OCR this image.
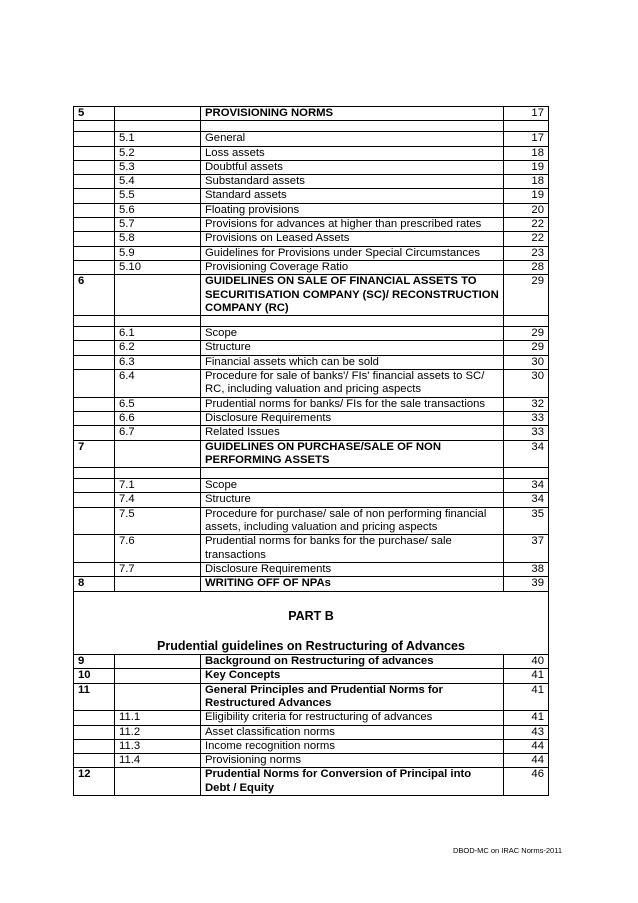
5		PROVISIONING NORMS	17

	5.1	General	17
	5.2	Loss assets	18
	5.3	Doubtful assets	19
	5.4	Substandard assets	18
	5.5	Standard assets	19
	5.6	Floating provisions	20
	5.7	Provisions for advances at higher than prescribed rates	22
	5.8	Provisions on Leased Assets	22
	5.9	Guidelines for Provisions under Special Circumstances	23
	5.10	Provisioning Coverage Ratio	28
6		GUIDELINES ON SALE OF FINANCIAL ASSETS TO SECURITISATION COMPANY (SC)/ RECONSTRUCTION COMPANY (RC)	29

	6.1	Scope	29
	6.2	Structure	29
	6.3	Financial assets which can be sold	30
	6.4	Procedure for sale of banks'/ FIs' financial assets to SC/ RC, including valuation and pricing aspects	30
	6.5	Prudential norms for banks/ FIs for the sale transactions	32
	6.6	Disclosure Requirements	33
	6.7	Related Issues	33
7		GUIDELINES ON PURCHASE/SALE OF NON PERFORMING ASSETS	34

	7.1	Scope	34
	7.4	Structure	34
	7.5	Procedure for purchase/ sale of non performing financial assets, including valuation and pricing aspects	35
	7.6	Prudential norms for banks for the purchase/ sale transactions	37
	7.7	Disclosure Requirements	38
8		WRITING OFF OF NPAs	39

PART B
Prudential guidelines on Restructuring of Advances			

9		Background on Restructuring of advances	40
10		Key Concepts	41
11		General Principles and Prudential Norms for Restructured Advances	41
	11.1	Eligibility criteria for restructuring of advances	41
	11.2	Asset classification norms	43
	11.3	Income recognition norms	44
	11.4	Provisioning norms	44
12		Prudential Norms for Conversion of Principal into Debt / Equity	46
DBOD-MC on IRAC Norms-2011
